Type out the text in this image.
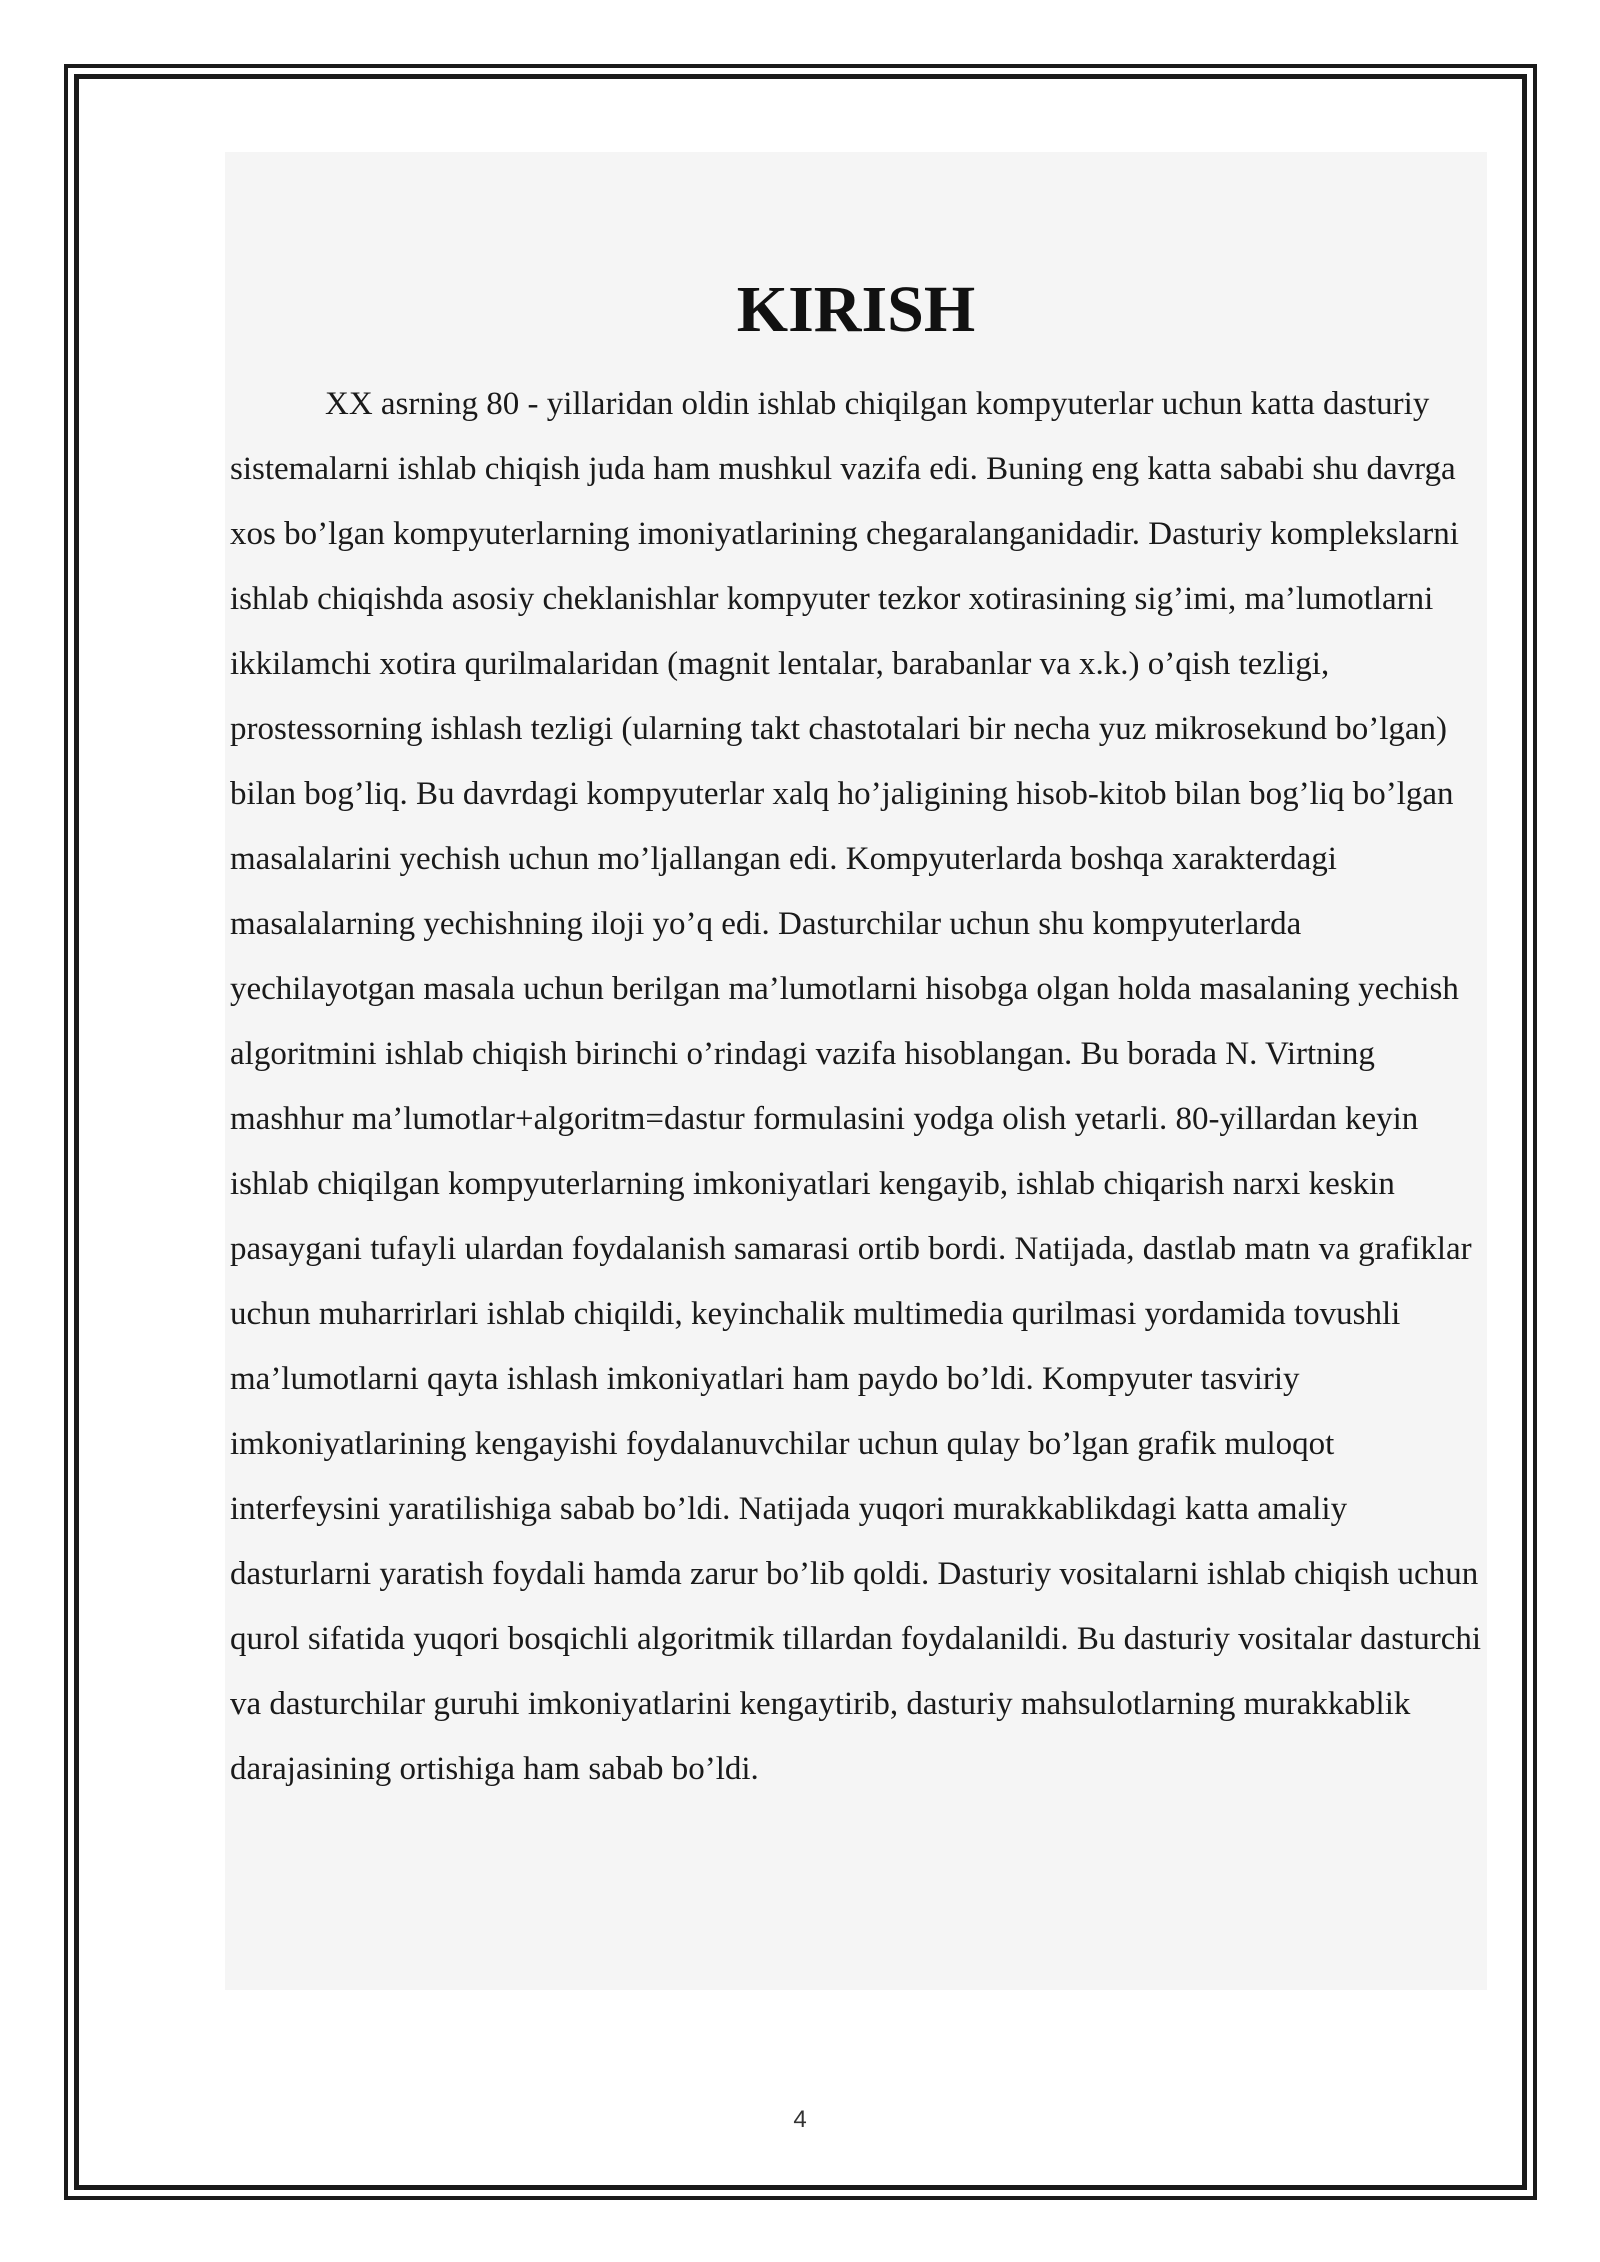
KIRISH

XX asrning 80 - yillaridan oldin ishlab chiqilgan kompyuterlar uchun katta dasturiy sistemalarni ishlab chiqish juda ham mushkul vazifa edi. Buning eng katta sababi shu davrga xos bo’lgan kompyuterlarning imoniyatlarining chegaralanganidadir. Dasturiy komplekslarni ishlab chiqishda asosiy cheklanishlar kompyuter tezkor xotirasining sig’imi, ma’lumotlarni ikkilamchi xotira qurilmalaridan (magnit lentalar, barabanlar va x.k.) o’qish tezligi, prostessorning ishlash tezligi (ularning takt chastotalari bir necha yuz mikrosekund bo’lgan) bilan bog’liq. Bu davrdagi kompyuterlar xalq ho’jaligining hisob-kitob bilan bog’liq bo’lgan masalalarini yechish uchun mo’ljallangan edi. Kompyuterlarda boshqa xarakterdagi masalalarning yechishning iloji yo’q edi. Dasturchilar uchun shu kompyuterlarda yechilayotgan masala uchun berilgan ma’lumotlarni hisobga olgan holda masalaning yechish algoritmini ishlab chiqish birinchi o’rindagi vazifa hisoblangan. Bu borada N. Virtning mashhur ma’lumotlar+algoritm=dastur formulasini yodga olish yetarli. 80-yillardan keyin ishlab chiqilgan kompyuterlarning imkoniyatlari kengayib, ishlab chiqarish narxi keskin pasaygani tufayli ulardan foydalanish samarasi ortib bordi. Natijada, dastlab matn va grafiklar uchun muharrirlari ishlab chiqildi, keyinchalik multimedia qurilmasi yordamida tovushli ma’lumotlarni qayta ishlash imkoniyatlari ham paydo bo’ldi. Kompyuter tasviriy imkoniyatlarining kengayishi foydalanuvchilar uchun qulay bo’lgan grafik muloqot interfeysini yaratilishiga sabab bo’ldi. Natijada yuqori murakkablikdagi katta amaliy dasturlarni yaratish foydali hamda zarur bo’lib qoldi. Dasturiy vositalarni ishlab chiqish uchun qurol sifatida yuqori bosqichli algoritmik tillardan foydalanildi. Bu dasturiy vositalar dasturchi va dasturchilar guruhi imkoniyatlarini kengaytirib, dasturiy mahsulotlarning murakkablik darajasining ortishiga ham sabab bo’ldi.

4
